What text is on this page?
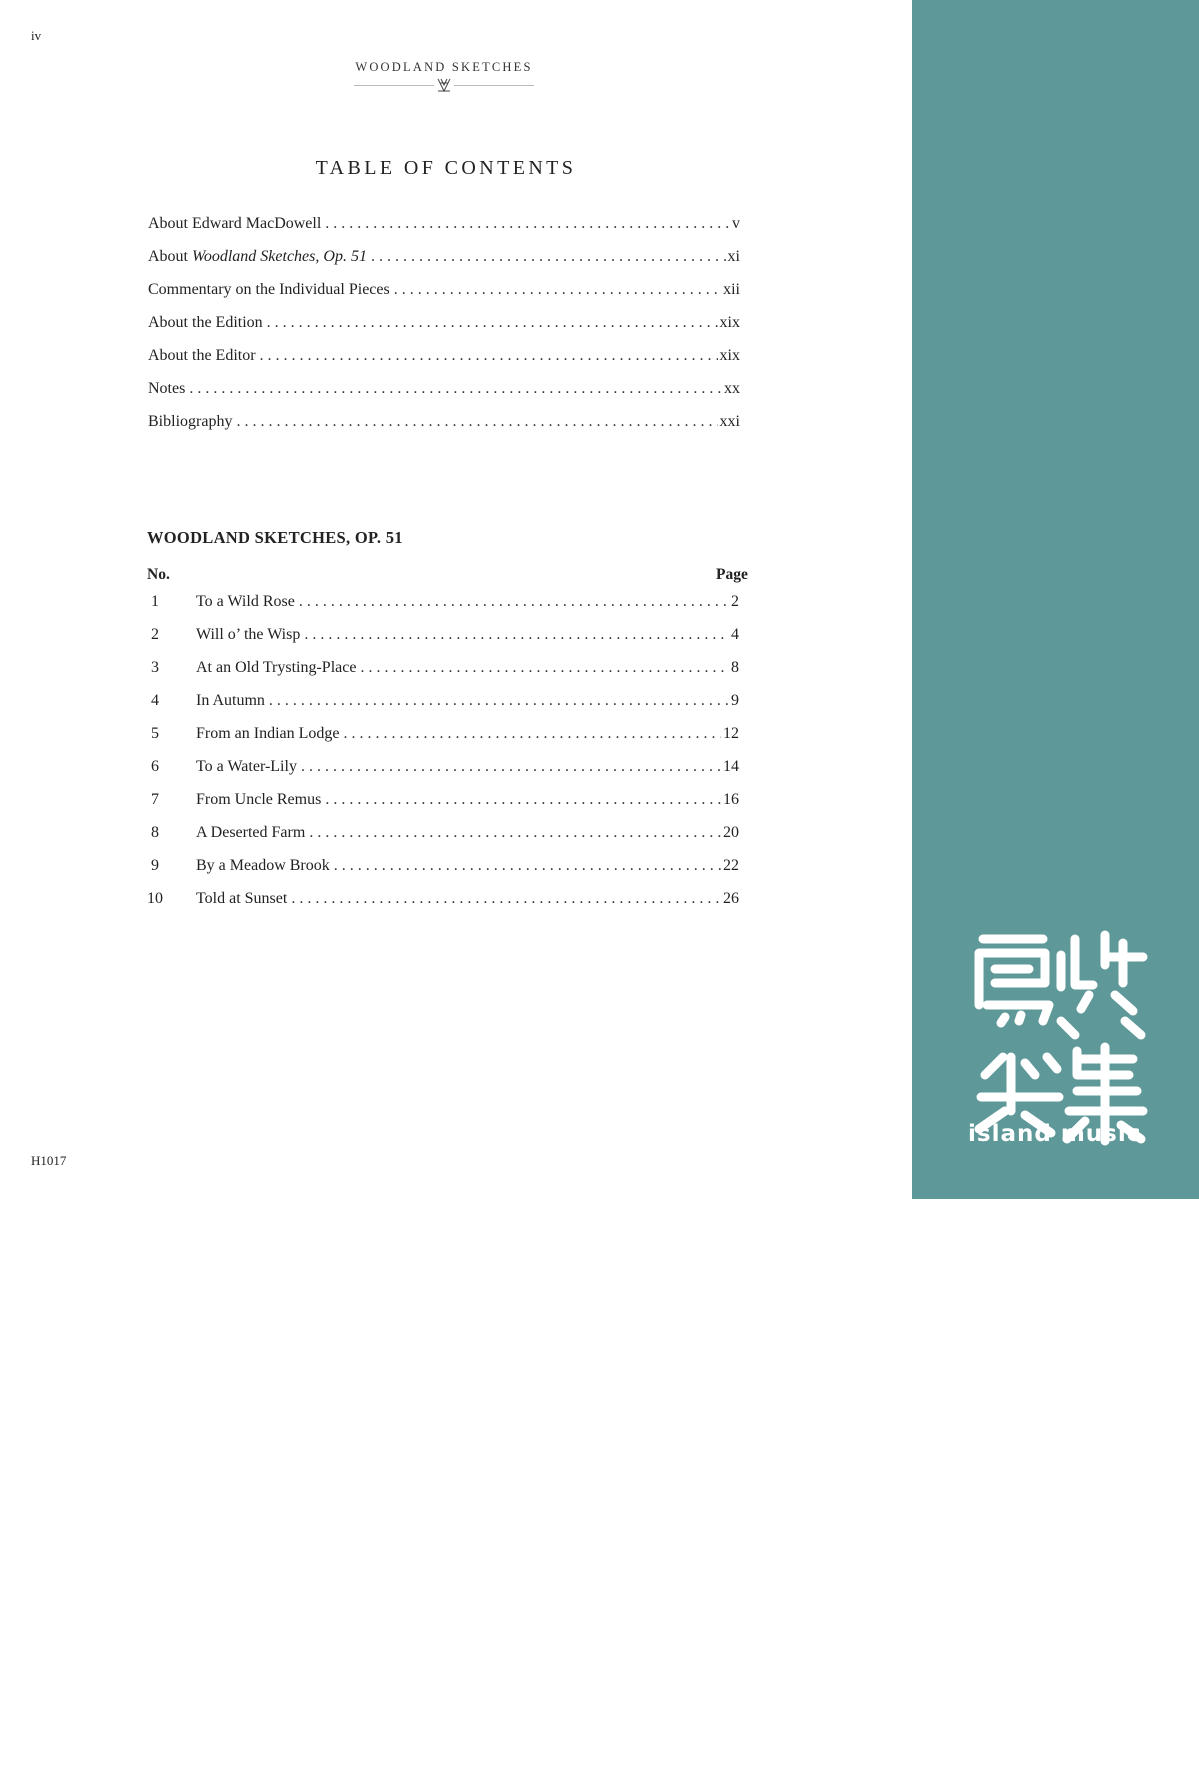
iv
WOODLAND SKETCHES
TABLE OF CONTENTS
About Edward MacDowell . . .	v
About Woodland Sketches, Op. 51 . . .	xi
Commentary on the Individual Pieces . . .	xii
About the Edition . . .	xix
About the Editor . . .	xix
Notes . . .	xx
Bibliography . . .	xxi
WOODLAND SKETCHES, OP. 51
No.	Page
1	To a Wild Rose . . .	2
2	Will o’ the Wisp . . .	4
3	At an Old Trysting-Place . . .	8
4	In Autumn . . .	9
5	From an Indian Lodge . . .	12
6	To a Water-Lily . . .	14
7	From Uncle Remus . . .	16
8	A Deserted Farm . . .	20
9	By a Meadow Brook . . .	22
10	Told at Sunset . . .	26
H1017
island music
